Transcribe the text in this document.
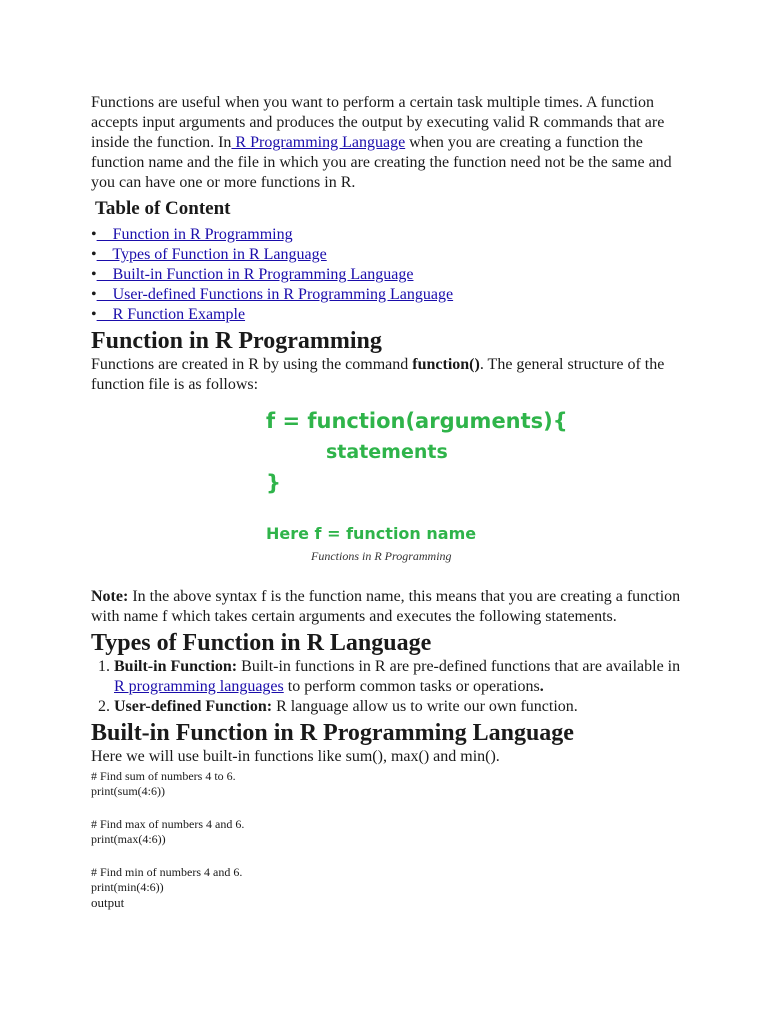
Functions are useful when you want to perform a certain task multiple times. A function accepts input arguments and produces the output by executing valid R commands that are inside the function. In R Programming Language when you are creating a function the function name and the file in which you are creating the function need not be the same and you can have one or more functions in R.

Table of Content
•    Function in R Programming
•    Types of Function in R Language
•    Built-in Function in R Programming Language
•    User-defined Functions in R Programming Language
•    R Function Example
Function in R Programming

Functions are created in R by using the command function(). The general structure of the function file is as follows:

f = function(arguments){
statements
}
Here f = function name
Functions in R Programming

Note: In the above syntax f is the function name, this means that you are creating a function with name f which takes certain arguments and executes the following statements.

Types of Function in R Language
1. Built-in Function: Built-in functions in R are pre-defined functions that are available in R programming languages to perform common tasks or operations.
2. User-defined Function: R language allow us to write our own function.
Built-in Function in R Programming Language

Here we will use built-in functions like sum(), max() and min().

# Find sum of numbers 4 to 6.
print(sum(4:6))
# Find max of numbers 4 and 6.
print(max(4:6))
# Find min of numbers 4 and 6.
print(min(4:6))
output
